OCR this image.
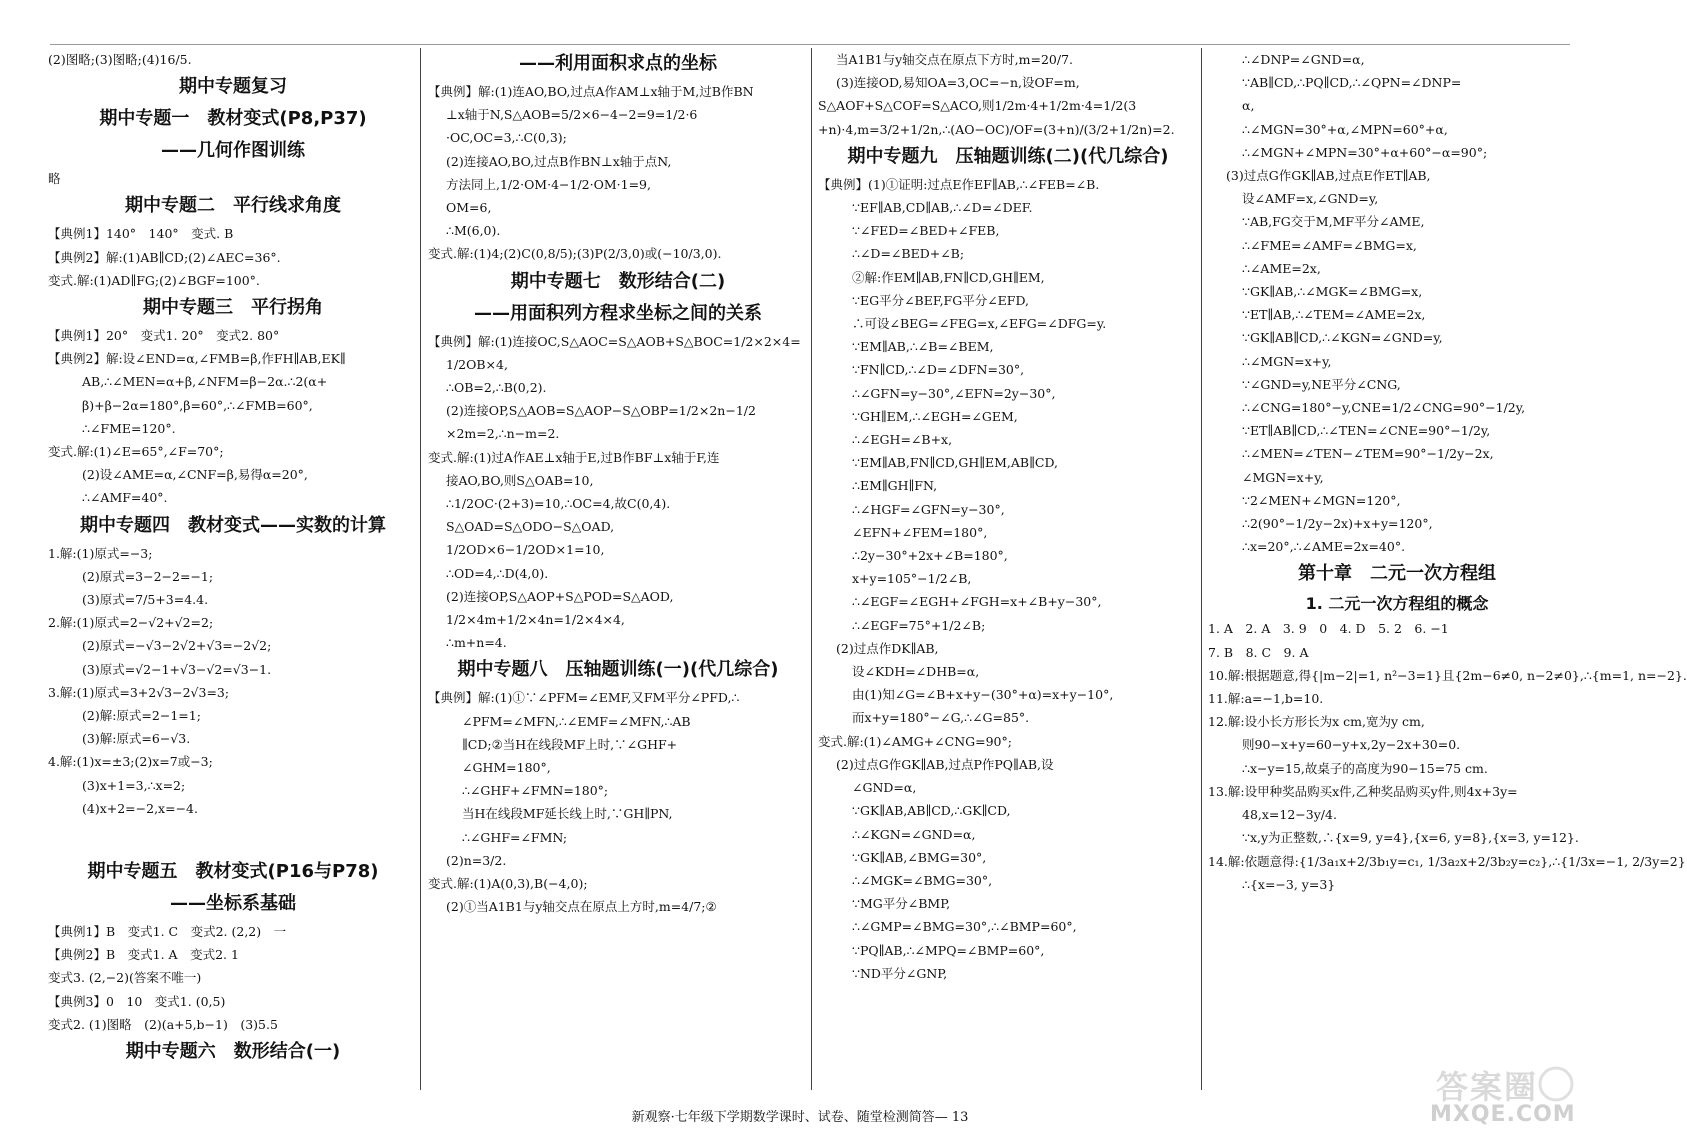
(2)图略;(3)图略;(4)16/5.
期中专题复习
期中专题一　教材变式(P8,P37)
——几何作图训练
略
期中专题二　平行线求角度
【典例1】140°　140°　变式. B
【典例2】解:(1)AB∥CD;(2)∠AEC=36°.
变式.解:(1)AD∥FG;(2)∠BGF=100°.
期中专题三　平行拐角
【典例1】20°　变式1. 20°　变式2. 80°
【典例2】解:设∠END=α,∠FMB=β,作FH∥AB,EK∥
AB,∴∠MEN=α+β,∠NFM=β−2α.∴2(α+
β)+β−2α=180°,β=60°,∴∠FMB=60°,
∴∠FME=120°.
变式.解:(1)∠E=65°,∠F=70°;
(2)设∠AME=α,∠CNF=β,易得α=20°,
∴∠AMF=40°.
期中专题四　教材变式——实数的计算
1.解:(1)原式=−3;
(2)原式=3−2−2=−1;
(3)原式=7/5+3=4.4.
2.解:(1)原式=2−√2+√2=2;
(2)原式=−√3−2√2+√3=−2√2;
(3)原式=√2−1+√3−√2=√3−1.
3.解:(1)原式=3+2√3−2√3=3;
(2)解:原式=2−1=1;
(3)解:原式=6−√3.
4.解:(1)x=±3;(2)x=7或−3;
(3)x+1=3,∴x=2;
(4)x+2=−2,x=−4.
期中专题五　教材变式(P16与P78)
——坐标系基础
【典例1】B　变式1. C　变式2. (2,2)　一
【典例2】B　变式1. A　变式2. 1
变式3. (2,−2)(答案不唯一)
【典例3】0　10　变式1. (0,5)
变式2. (1)图略　(2)(a+5,b−1)　(3)5.5
期中专题六　数形结合(一)
——利用面积求点的坐标
【典例】解:(1)连AO,BO,过点A作AM⊥x轴于M,过B作BN
⊥x轴于N,S△AOB=5/2×6−4−2=9=1/2·6
·OC,OC=3,∴C(0,3);
(2)连接AO,BO,过点B作BN⊥x轴于点N,
方法同上,1/2·OM·4−1/2·OM·1=9,
OM=6,
∴M(6,0).
变式.解:(1)4;(2)C(0,8/5);(3)P(2/3,0)或(−10/3,0).
期中专题七　数形结合(二)
——用面积列方程求坐标之间的关系
【典例】解:(1)连接OC,S△AOC=S△AOB+S△BOC=1/2×2×4=
1/2OB×4,
∴OB=2,∴B(0,2).
(2)连接OP,S△AOB=S△AOP−S△OBP=1/2×2n−1/2
×2m=2,∴n−m=2.
变式.解:(1)过A作AE⊥x轴于E,过B作BF⊥x轴于F,连
接AO,BO,则S△OAB=10,
∴1/2OC·(2+3)=10,∴OC=4,故C(0,4).
S△OAD=S△ODO−S△OAD,
1/2OD×6−1/2OD×1=10,
∴OD=4,∴D(4,0).
(2)连接OP,S△AOP+S△POD=S△AOD,
1/2×4m+1/2×4n=1/2×4×4,
∴m+n=4.
期中专题八　压轴题训练(一)(代几综合)
【典例】解:(1)①∵∠PFM=∠EMF,又FM平分∠PFD,∴
∠PFM=∠MFN,∴∠EMF=∠MFN,∴AB
∥CD;②当H在线段MF上时,∵∠GHF+
∠GHM=180°,
∴∠GHF+∠FMN=180°;
当H在线段MF延长线上时,∵GH∥PN,
∴∠GHF=∠FMN;
(2)n=3/2.
变式.解:(1)A(0,3),B(−4,0);
(2)①当A1B1与y轴交点在原点上方时,m=4/7;②
当A1B1与y轴交点在原点下方时,m=20/7.
(3)连接OD,易知OA=3,OC=−n,设OF=m,
S△AOF+S△COF=S△ACO,则1/2m·4+1/2m·4=1/2(3
+n)·4,m=3/2+1/2n,∴(AO−OC)/OF=(3+n)/(3/2+1/2n)=2.
期中专题九　压轴题训练(二)(代几综合)
【典例】(1)①证明:过点E作EF∥AB,∴∠FEB=∠B.
∵EF∥AB,CD∥AB,∴∠D=∠DEF.
∵∠FED=∠BED+∠FEB,
∴∠D=∠BED+∠B;
②解:作EM∥AB,FN∥CD,GH∥EM,
∵EG平分∠BEF,FG平分∠EFD,
∴可设∠BEG=∠FEG=x,∠EFG=∠DFG=y.
∵EM∥AB,∴∠B=∠BEM,
∵FN∥CD,∴∠D=∠DFN=30°,
∴∠GFN=y−30°,∠EFN=2y−30°,
∵GH∥EM,∴∠EGH=∠GEM,
∴∠EGH=∠B+x,
∵EM∥AB,FN∥CD,GH∥EM,AB∥CD,
∴EM∥GH∥FN,
∴∠HGF=∠GFN=y−30°,
∠EFN+∠FEM=180°,
∴2y−30°+2x+∠B=180°,
x+y=105°−1/2∠B,
∴∠EGF=∠EGH+∠FGH=x+∠B+y−30°,
∴∠EGF=75°+1/2∠B;
(2)过点作DK∥AB,
设∠KDH=∠DHB=α,
由(1)知∠G=∠B+x+y−(30°+α)=x+y−10°,
而x+y=180°−∠G,∴∠G=85°.
变式.解:(1)∠AMG+∠CNG=90°;
(2)过点G作GK∥AB,过点P作PQ∥AB,设
∠GND=α,
∵GK∥AB,AB∥CD,∴GK∥CD,
∴∠KGN=∠GND=α,
∵GK∥AB,∠BMG=30°,
∴∠MGK=∠BMG=30°,
∵MG平分∠BMP,
∴∠GMP=∠BMG=30°,∴∠BMP=60°,
∵PQ∥AB,∴∠MPQ=∠BMP=60°,
∵ND平分∠GNP,
∴∠DNP=∠GND=α,
∵AB∥CD,∴PQ∥CD,∴∠QPN=∠DNP=
α,
∴∠MGN=30°+α,∠MPN=60°+α,
∴∠MGN+∠MPN=30°+α+60°−α=90°;
(3)过点G作GK∥AB,过点E作ET∥AB,
设∠AMF=x,∠GND=y,
∵AB,FG交于M,MF平分∠AME,
∴∠FME=∠AMF=∠BMG=x,
∴∠AME=2x,
∵GK∥AB,∴∠MGK=∠BMG=x,
∵ET∥AB,∴∠TEM=∠AME=2x,
∵GK∥AB∥CD,∴∠KGN=∠GND=y,
∴∠MGN=x+y,
∵∠GND=y,NE平分∠CNG,
∴∠CNG=180°−y,CNE=1/2∠CNG=90°−1/2y,
∵ET∥AB∥CD,∴∠TEN=∠CNE=90°−1/2y,
∴∠MEN=∠TEN−∠TEM=90°−1/2y−2x,
∠MGN=x+y,
∵2∠MEN+∠MGN=120°,
∴2(90°−1/2y−2x)+x+y=120°,
∴x=20°,∴∠AME=2x=40°.
第十章　二元一次方程组
1. 二元一次方程组的概念
1. A　2. A　3. 9　0　4. D　5. 2　6. −1
7. B　8. C　9. A
10.解:根据题意,得{|m−2|=1, n²−3=1}且{2m−6≠0, n−2≠0},∴{m=1, n=−2}.
11.解:a=−1,b=10.
12.解:设小长方形长为x cm,宽为y cm,
则90−x+y=60−y+x,2y−2x+30=0.
∴x−y=15,故桌子的高度为90−15=75 cm.
13.解:设甲种奖品购买x件,乙种奖品购买y件,则4x+3y=
48,x=12−3y/4.
∵x,y为正整数,∴{x=9, y=4},{x=6, y=8},{x=3, y=12}.
14.解:依题意得:{1/3a₁x+2/3b₁y=c₁, 1/3a₂x+2/3b₂y=c₂},∴{1/3x=−1, 2/3y=2}
∴{x=−3, y=3}
新观察·七年级下学期数学课时、试卷、随堂检测简答— 13
答案圈
MXQE.COM
